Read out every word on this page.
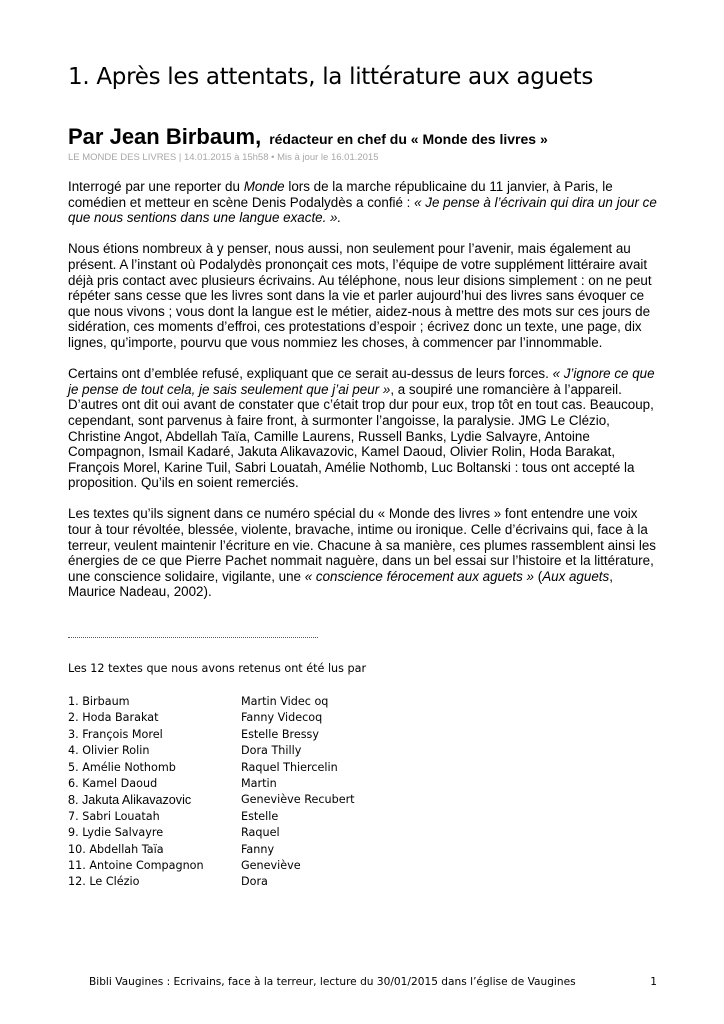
1. Après les attentats, la littérature aux aguets
Par Jean Birbaum, rédacteur en chef du « Monde des livres »
LE MONDE DES LIVRES | 14.01.2015 à 15h58 • Mis à jour le 16.01.2015

Interrogé par une reporter du Monde lors de la marche républicaine du 11 janvier, à Paris, le comédien et metteur en scène Denis Podalydès a confié : « Je pense à l’écrivain qui dira un jour ce que nous sentions dans une langue exacte. ».

Nous étions nombreux à y penser, nous aussi, non seulement pour l’avenir, mais également au présent. A l’instant où Podalydès prononçait ces mots, l’équipe de votre supplément littéraire avait déjà pris contact avec plusieurs écrivains. Au téléphone, nous leur disions simplement : on ne peut répéter sans cesse que les livres sont dans la vie et parler aujourd’hui des livres sans évoquer ce que nous vivons ; vous dont la langue est le métier, aidez-nous à mettre des mots sur ces jours de sidération, ces moments d’effroi, ces protestations d’espoir ; écrivez donc un texte, une page, dix lignes, qu’importe, pourvu que vous nommiez les choses, à commencer par l’innommable.

Certains ont d’emblée refusé, expliquant que ce serait au-dessus de leurs forces. « J’ignore ce que je pense de tout cela, je sais seulement que j’ai peur », a soupiré une romancière à l’appareil. D’autres ont dit oui avant de constater que c’était trop dur pour eux, trop tôt en tout cas. Beaucoup, cependant, sont parvenus à faire front, à surmonter l’angoisse, la paralysie. JMG Le Clézio, Christine Angot, Abdellah Taïa, Camille Laurens, Russell Banks, Lydie Salvayre, Antoine Compagnon, Ismail Kadaré, Jakuta Alikavazovic, Kamel Daoud, Olivier Rolin, Hoda Barakat, François Morel, Karine Tuil, Sabri Louatah, Amélie Nothomb, Luc Boltanski : tous ont accepté la proposition. Qu’ils en soient remerciés.

Les textes qu’ils signent dans ce numéro spécial du « Monde des livres » font entendre une voix tour à tour révoltée, blessée, violente, bravache, intime ou ironique. Celle d’écrivains qui, face à la terreur, veulent maintenir l’écriture en vie. Chacune à sa manière, ces plumes rassemblent ainsi les énergies de ce que Pierre Pachet nommait naguère, dans un bel essai sur l’histoire et la littérature, une conscience solidaire, vigilante, une « conscience férocement aux aguets » (Aux aguets, Maurice Nadeau, 2002).

Les 12 textes que nous avons retenus ont été lus par
1. Birbaum	Martin Videc oq
2. Hoda Barakat	Fanny Videcoq
3. François Morel	Estelle Bressy
4. Olivier Rolin	Dora Thilly
5. Amélie Nothomb	Raquel Thiercelin
6. Kamel Daoud	Martin
8. Jakuta Alikavazovic	Geneviève Recubert
7. Sabri Louatah	Estelle
9. Lydie Salvayre	Raquel
10. Abdellah Taïa	Fanny
11. Antoine Compagnon	Geneviève
12. Le Clézio	Dora
Bibli Vaugines : Ecrivains, face à la terreur, lecture du 30/01/2015 dans l’église de Vaugines	1
